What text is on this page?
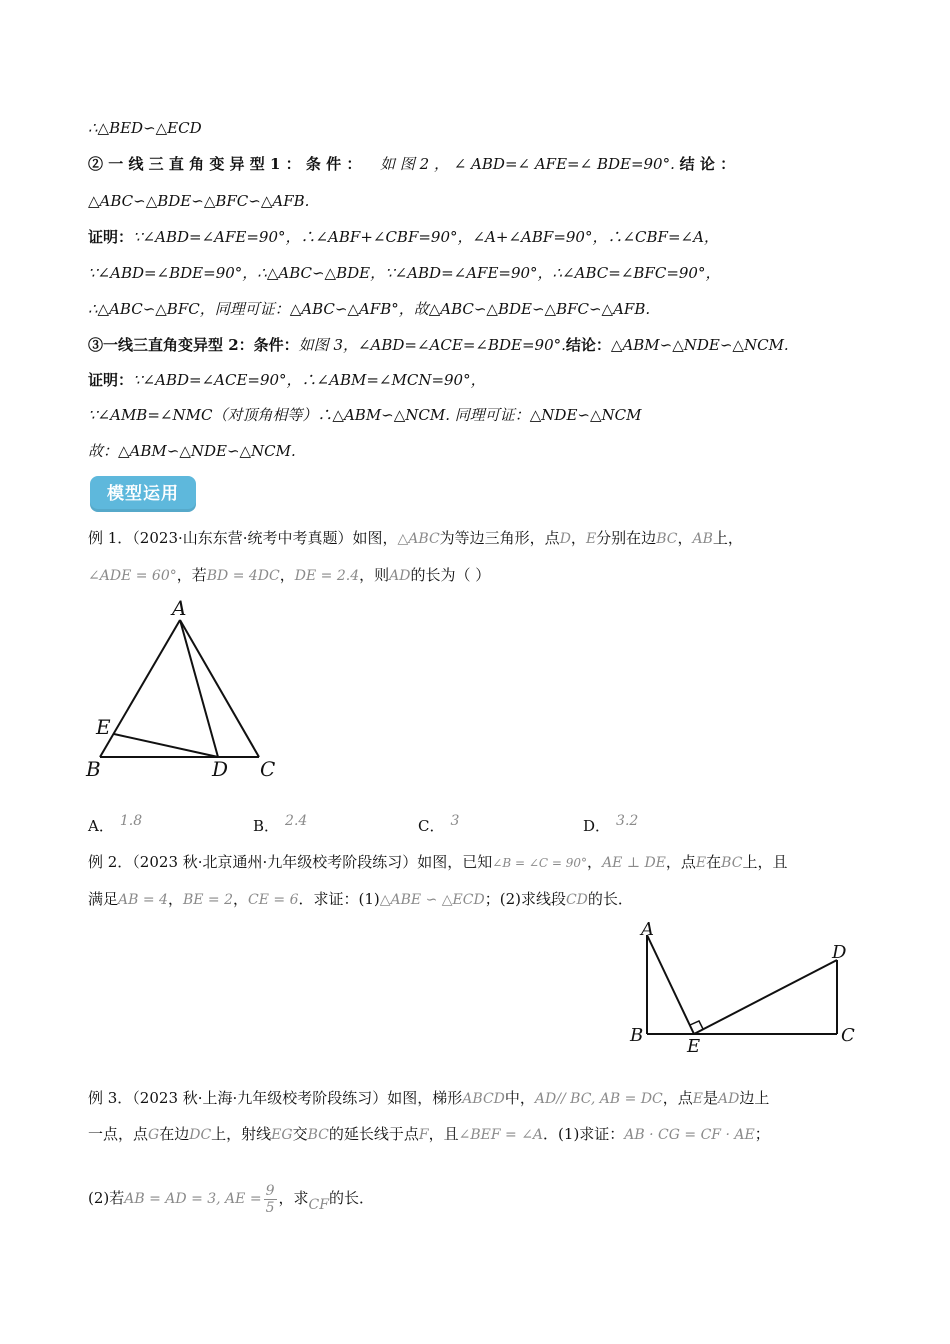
∴△BED∽△ECD
② 一 线 三 直 角 变 异 型 1 ： 条 件 ： 如 图 2 ， ∠ ABD=∠ AFE=∠ BDE=90°. 结 论 ：
△ABC∽△BDE∽△BFC∽△AFB.
证明：∵∠ABD=∠AFE=90°，∴∠ABF+∠CBF=90°，∠A+∠ABF=90°，∴∠CBF=∠A，
∵∠ABD=∠BDE=90°，∴△ABC∽△BDE，∵∠ABD=∠AFE=90°，∴∠ABC=∠BFC=90°，
∴△ABC∽△BFC，同理可证：△ABC∽△AFB°，故△ABC∽△BDE∽△BFC∽△AFB.
③一线三直角变异型 2：条件：如图 3，∠ABD=∠ACE=∠BDE=90°.结论：△ABM∽△NDE∽△NCM.
证明：∵∠ABD=∠ACE=90°，∴∠ABM=∠MCN=90°，
∵∠AMB=∠NMC（对顶角相等）∴△ABM∽△NCM. 同理可证：△NDE∽△NCM
故：△ABM∽△NDE∽△NCM.
模型运用
例 1．（2023·山东东营·统考中考真题）如图，△ABC为等边三角形，点D，E分别在边BC，AB上，
∠ADE = 60°，若BD = 4DC，DE = 2.4，则AD的长为（ ）
A
E
B	D C
A． 1.8	B． 2.4	C． 3	D． 3.2
例 2．（2023 秋·北京通州·九年级校考阶段练习）如图，已知∠B = ∠C = 90°，AE ⊥ DE，点E在BC上，且
满足AB = 4，BE = 2，CE = 6．求证：(1)△ABE ∽ △ECD；(2)求线段CD的长．
A
B
E
C
D
例 3．（2023 秋·上海·九年级校考阶段练习）如图，梯形ABCD中，AD// BC, AB = DC，点E是AD边上
一点，点G在边DC上，射线EG交BC的延长线于点F，且∠BEF = ∠A．(1)求证：AB · CG = CF · AE；
(2)若AB = AD = 3, AE = $\frac{9}{5}$ ，求CF的长．
